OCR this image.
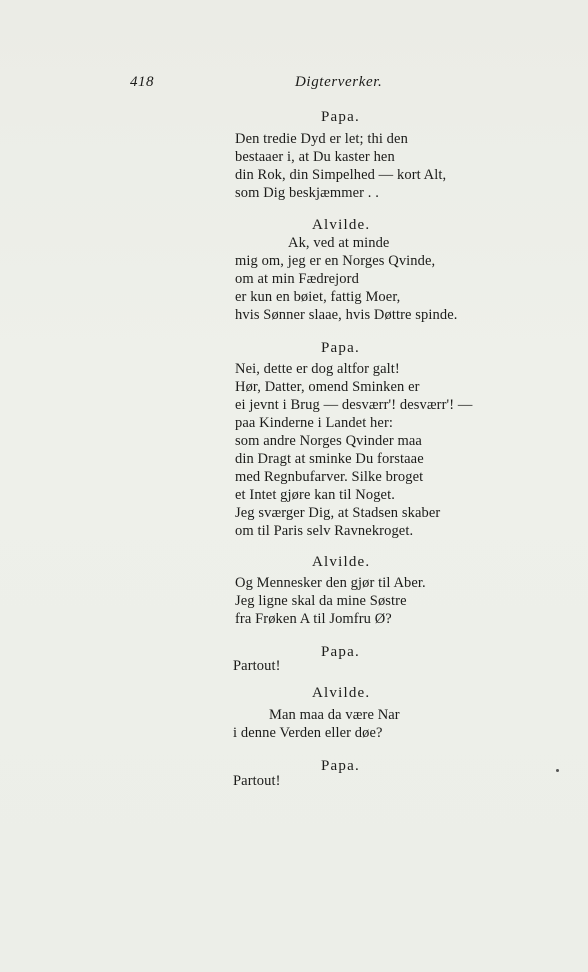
418	Digterverker.
Papa.
Den tredie Dyd er let; thi den
bestaaer i, at Du kaster hen
din Rok, din Simpelhed — kort Alt,
som Dig beskjæmmer . .
Alvilde.
Ak, ved at minde
mig om, jeg er en Norges Qvinde,
om at min Fædrejord
er kun en bøiet, fattig Moer,
hvis Sønner slaae, hvis Døttre spinde.
Papa.
Nei, dette er dog altfor galt!
Hør, Datter, omend Sminken er
ei jevnt i Brug — desværr'! desværr'! —
paa Kinderne i Landet her:
som andre Norges Qvinder maa
din Dragt at sminke Du forstaae
med Regnbufarver. Silke broget
et Intet gjøre kan til Noget.
Jeg sværger Dig, at Stadsen skaber
om til Paris selv Ravnekroget.
Alvilde.
Og Mennesker den gjør til Aber.
Jeg ligne skal da mine Søstre
fra Frøken A til Jomfru Ø?
Papa.
Partout!
Alvilde.
Man maa da være Nar
i denne Verden eller døe?
Papa.
Partout!
